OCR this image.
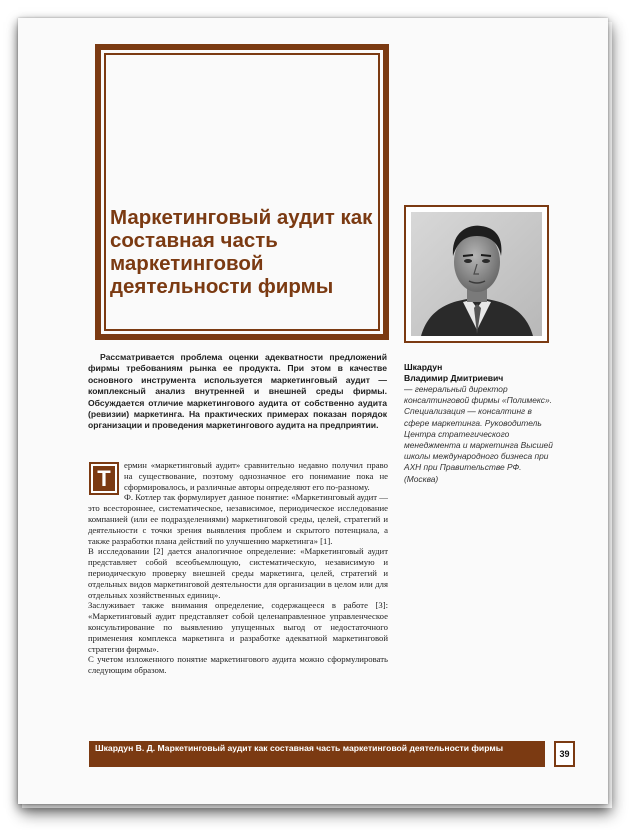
Маркетинговый аудит как составная часть маркетинговой деятельности фирмы

Рассматривается проблема оценки адекватности предложений фирмы требованиям рынка ее продукта. При этом в качестве основного инструмента используется маркетинговый аудит — комплексный анализ внутренней и внешней среды фирмы. Обсуждается отличие маркетингового аудита от собственно аудита (ревизии) маркетинга. На практических примерах показан порядок организации и проведения маркетингового аудита на предприятии.

Шкардун
Владимир Дмитриевич

— генеральный директор консалтинговой фирмы «Полимекс». Специализация — консалтинг в сфере маркетинга. Руководитель Центра стратегического менеджмента и маркетинга Высшей школы международного бизнеса при АХН при Правительстве РФ. (Москва)

Т

ермин «маркетинговый аудит» сравнительно недавно получил право на существование, поэтому однозначное его понимание пока не сформировалось, и различные авторы определяют его по-разному.

Ф. Котлер так формулирует данное понятие: «Маркетинговый аудит — это всестороннее, систематическое, независимое, периодическое исследование компанией (или ее подразделениями) маркетинговой среды, целей, стратегий и деятельности с точки зрения выявления проблем и скрытого потенциала, а также разработки плана действий по улучшению маркетинга» [1].

В исследовании [2] дается аналогичное определение: «Маркетинговый аудит представляет собой всеобъемлющую, систематическую, независимую и периодическую проверку внешней среды маркетинга, целей, стратегий и отдельных видов маркетинговой деятельности для организации в целом или для отдельных хозяйственных единиц».

Заслуживает также внимания определение, содержащееся в работе [3]: «Маркетинговый аудит представляет собой целенаправленное управленческое консультирование по выявлению упущенных выгод от недостаточного применения комплекса маркетинга и разработке адекватной маркетинговой стратегии фирмы».

С учетом изложенного понятие маркетингового аудита можно сформулировать следующим образом.

Шкардун В. Д. Маркетинговый аудит как составная часть маркетинговой деятельности фирмы

39
